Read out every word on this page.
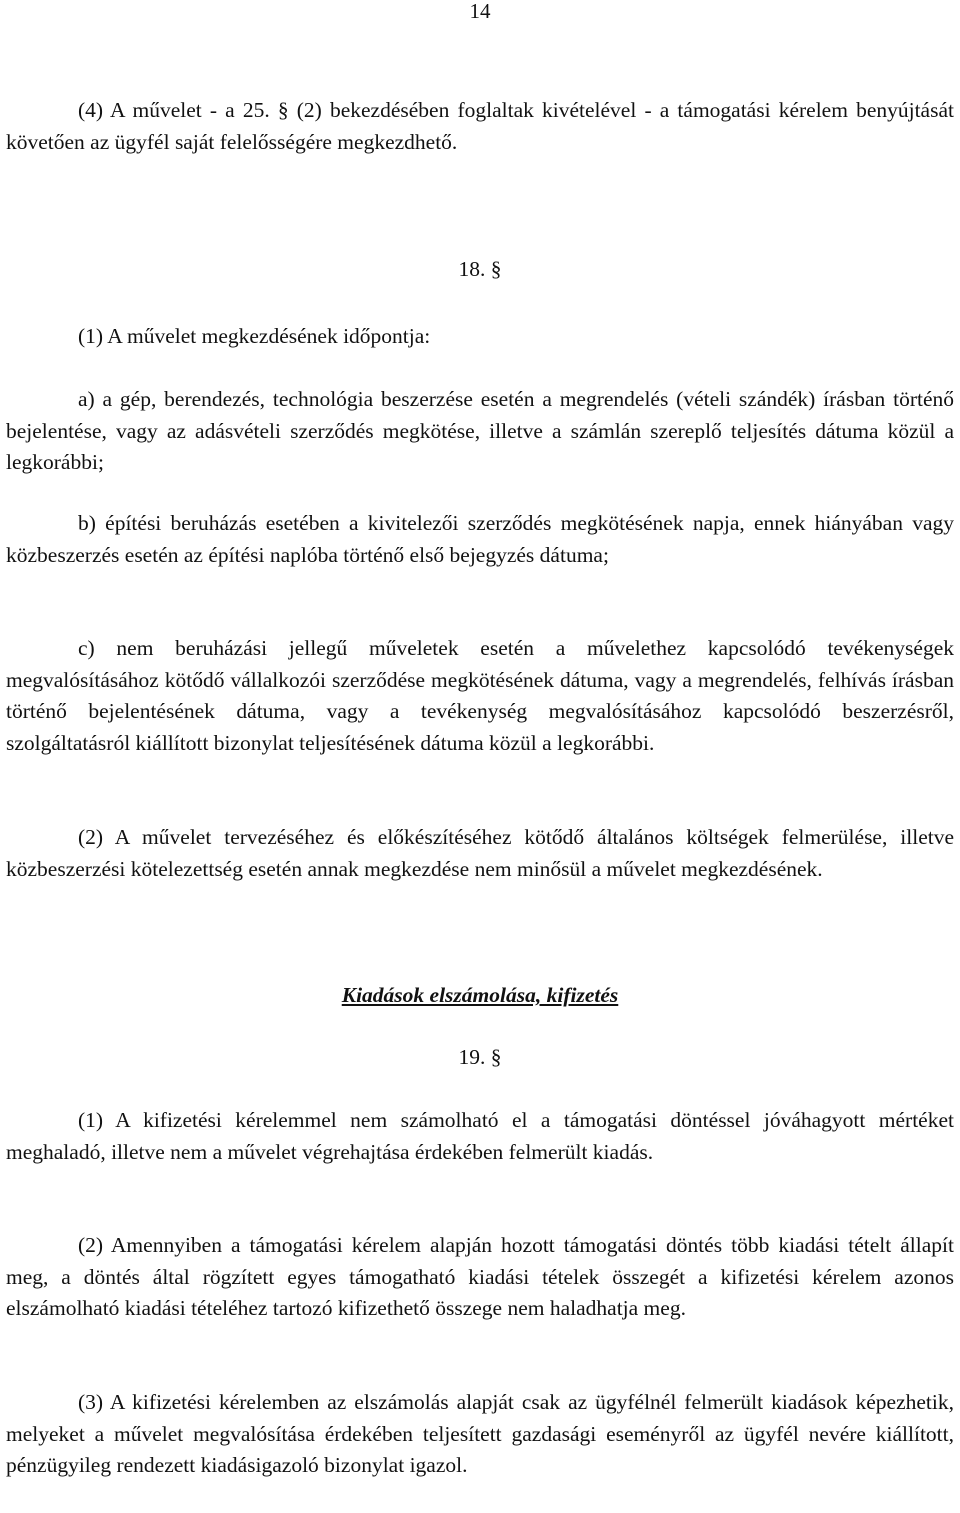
14

(4) A művelet - a 25. § (2) bekezdésében foglaltak kivételével - a támogatási kérelem benyújtását követően az ügyfél saját felelősségére megkezdhető.

18. §

(1) A művelet megkezdésének időpontja:

a) a gép, berendezés, technológia beszerzése esetén a megrendelés (vételi szándék) írásban történő bejelentése, vagy az adásvételi szerződés megkötése, illetve a számlán szereplő teljesítés dátuma közül a legkorábbi;

b) építési beruházás esetében a kivitelezői szerződés megkötésének napja, ennek hiányában vagy közbeszerzés esetén az építési naplóba történő első bejegyzés dátuma;

c) nem beruházási jellegű műveletek esetén a művelethez kapcsolódó tevékenységek megvalósításához kötődő vállalkozói szerződése megkötésének dátuma, vagy a megrendelés, felhívás írásban történő bejelentésének dátuma, vagy a tevékenység megvalósításához kapcsolódó beszerzésről, szolgáltatásról kiállított bizonylat teljesítésének dátuma közül a legkorábbi.

(2) A művelet tervezéséhez és előkészítéséhez kötődő általános költségek felmerülése, illetve közbeszerzési kötelezettség esetén annak megkezdése nem minősül a művelet megkezdésének.

Kiadások elszámolása, kifizetés

19. §

(1) A kifizetési kérelemmel nem számolható el a támogatási döntéssel jóváhagyott mértéket meghaladó, illetve nem a művelet végrehajtása érdekében felmerült kiadás.

(2) Amennyiben a támogatási kérelem alapján hozott támogatási döntés több kiadási tételt állapít meg, a döntés által rögzített egyes támogatható kiadási tételek összegét a kifizetési kérelem azonos elszámolható kiadási tételéhez tartozó kifizethető összege nem haladhatja meg.

(3) A kifizetési kérelemben az elszámolás alapját csak az ügyfélnél felmerült kiadások képezhetik, melyeket a művelet megvalósítása érdekében teljesített gazdasági eseményről az ügyfél nevére kiállított, pénzügyileg rendezett kiadásigazoló bizonylat igazol.
